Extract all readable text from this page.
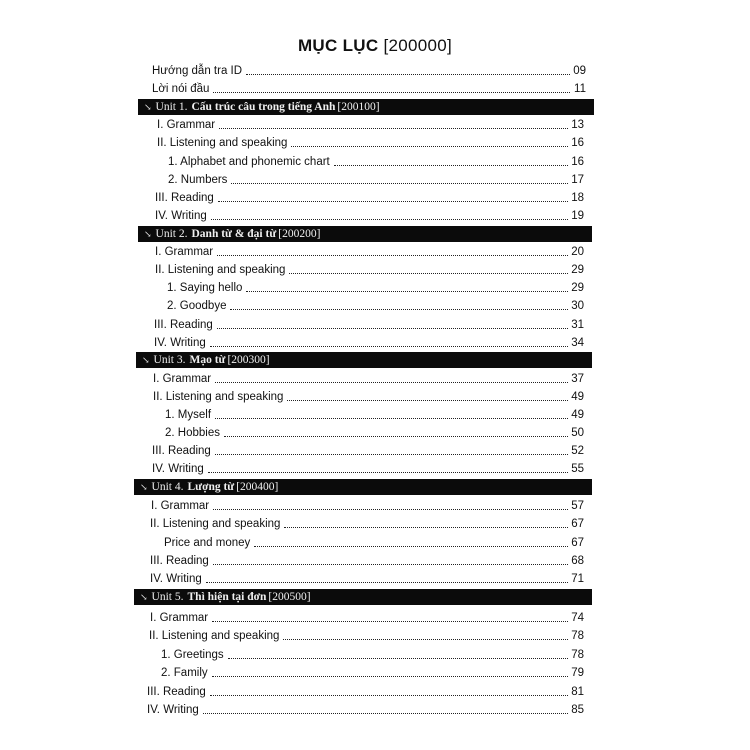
MỤC LỤC [200000]
Hướng dẫn tra ID	09
Lời nói đầu	11
↘ Unit 1. Cấu trúc câu trong tiếng Anh [200100]
I. Grammar	13
II. Listening and speaking	16
1. Alphabet and phonemic chart	16
2. Numbers	17
III. Reading	18
IV. Writing	19
↘ Unit 2. Danh từ & đại từ [200200]
I. Grammar	20
II. Listening and speaking	29
1. Saying hello	29
2. Goodbye	30
III. Reading	31
IV. Writing	34
↘ Unit 3. Mạo từ [200300]
I. Grammar	37
II. Listening and speaking	49
1. Myself	49
2. Hobbies	50
III. Reading	52
IV. Writing	55
↘ Unit 4. Lượng từ [200400]
I. Grammar	57
II. Listening and speaking	67
Price and money	67
III. Reading	68
IV. Writing	71
↘ Unit 5. Thì hiện tại đơn [200500]
I. Grammar	74
II. Listening and speaking	78
1. Greetings	78
2. Family	79
III. Reading	81
IV. Writing	85
